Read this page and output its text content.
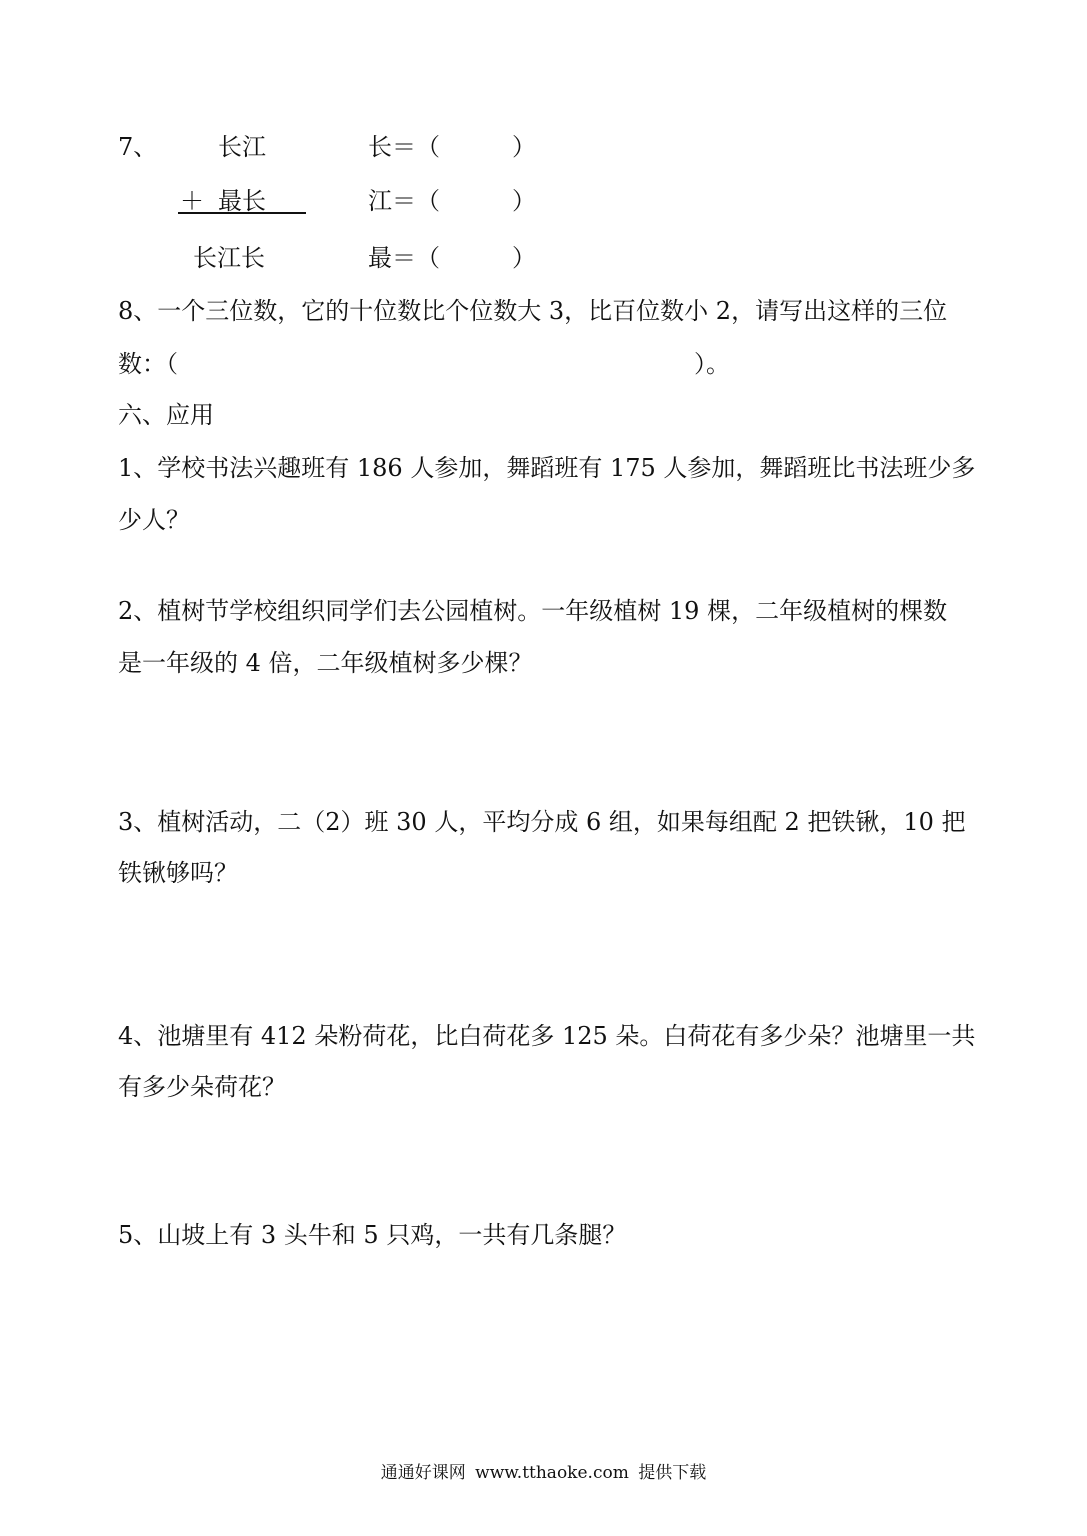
7、	长江
＋ 最长
长江长
长＝（　　　）
江＝（　　　）
最＝（　　　）
8、一个三位数，它的十位数比个位数大 3，比百位数小 2，请写出这样的三位
数：（	）。
六、应用
1、学校书法兴趣班有 186 人参加，舞蹈班有 175 人参加，舞蹈班比书法班少多
少人？
2、植树节学校组织同学们去公园植树。一年级植树 19 棵，二年级植树的棵数
是一年级的 4 倍，二年级植树多少棵？
3、植树活动，二（2）班 30 人，平均分成 6 组，如果每组配 2 把铁锹，10 把
铁锹够吗？
4、池塘里有 412 朵粉荷花，比白荷花多 125 朵。白荷花有多少朵？池塘里一共
有多少朵荷花？
5、山坡上有 3 头牛和 5 只鸡，一共有几条腿？
通通好课网 www.tthaoke.com 提供下载
